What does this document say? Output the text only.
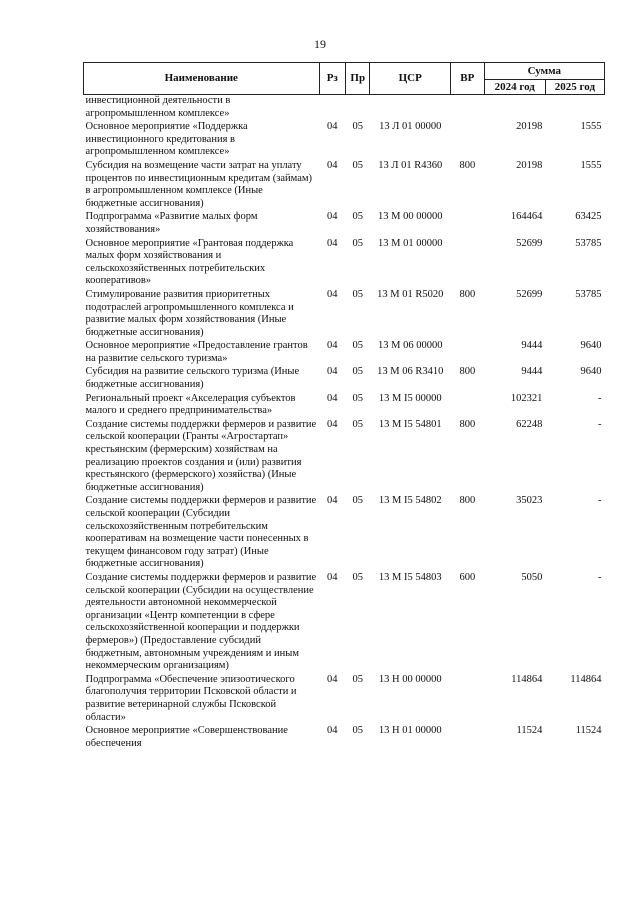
19
Наименование	Рз	Пр	ЦСР	ВР	Сумма	
					2024 год	2025 год
инвестиционной деятельности в агропромышленном комплексе»						
Основное мероприятие «Поддержка инвестиционного кредитования в агропромышленном комплексе»	04	05	13 Л 01 00000		20198	1555
Субсидия на возмещение части затрат на уплату процентов по инвестиционным кредитам (займам) в агропромышленном комплексе (Иные бюджетные ассигнования)	04	05	13 Л 01 R4360	800	20198	1555
Подпрограмма «Развитие малых форм хозяйствования»	04	05	13 М 00 00000		164464	63425
Основное мероприятие «Грантовая поддержка малых форм хозяйствования и сельскохозяйственных потребительских кооперативов»	04	05	13 М 01 00000		52699	53785
Стимулирование развития приоритетных подотраслей агропромышленного комплекса и развитие малых форм хозяйствования (Иные бюджетные ассигнования)	04	05	13 М 01 R5020	800	52699	53785
Основное мероприятие «Предоставление грантов на развитие сельского туризма»	04	05	13 М 06 00000		9444	9640
Субсидия на развитие сельского туризма (Иные бюджетные ассигнования)	04	05	13 М 06 R3410	800	9444	9640
Региональный проект «Акселерация субъектов малого и среднего предпринимательства»	04	05	13 М I5 00000		102321	-
Создание системы поддержки фермеров и развитие сельской кооперации (Гранты «Агростартап» крестьянским (фермерским) хозяйствам на реализацию проектов создания и (или) развития крестьянского (фермерского) хозяйства) (Иные бюджетные ассигнования)	04	05	13 М I5 54801	800	62248	-
Создание системы поддержки фермеров и развитие сельской кооперации (Субсидии сельскохозяйственным потребительским кооперативам на возмещение части понесенных в текущем финансовом году затрат) (Иные бюджетные ассигнования)	04	05	13 М I5 54802	800	35023	-
Создание системы поддержки фермеров и развитие сельской кооперации (Субсидии на осуществление деятельности автономной некоммерческой организации «Центр компетенции в сфере сельскохозяйственной кооперации и поддержки фермеров») (Предоставление субсидий бюджетным, автономным учреждениям и иным некоммерческим организациям)	04	05	13 М I5 54803	600	5050	-
Подпрограмма «Обеспечение эпизоотического благополучия территории Псковской области и развитие ветеринарной службы Псковской области»	04	05	13 Н 00 00000		114864	114864
Основное мероприятие «Совершенствование обеспечения	04	05	13 Н 01 00000		11524	11524
